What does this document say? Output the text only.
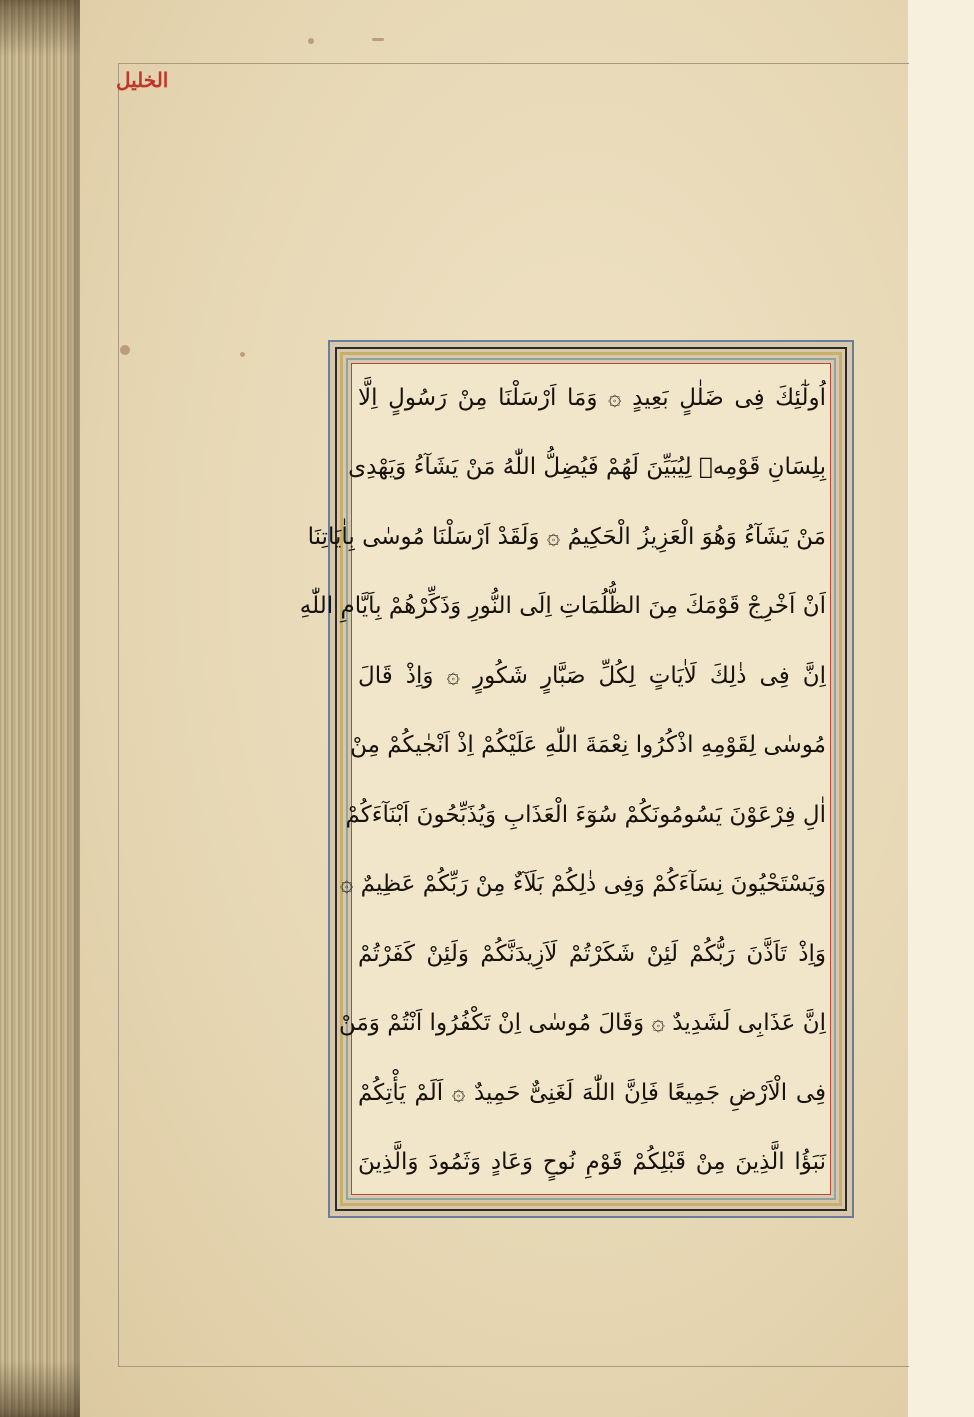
الخليل
اُولٰٓئِكَ فِى ضَلٰلٍ بَعِيدٍ ۞ وَمَا اَرْسَلْنَا مِنْ رَسُولٍ اِلَّا
بِلِسَانِ قَوْمِهٖ لِيُبَيِّنَ لَهُمْ فَيُضِلُّ اللّٰهُ مَنْ يَشَآءُ وَيَهْدِى
مَنْ يَشَآءُ وَهُوَ الْعَزِيزُ الْحَكِيمُ ۞ وَلَقَدْ اَرْسَلْنَا مُوسٰى بِاٰيَاتِنَا
اَنْ اَخْرِجْ قَوْمَكَ مِنَ الظُّلُمَاتِ اِلَى النُّورِ وَذَكِّرْهُمْ بِاَيَّامِ اللّٰهِ
اِنَّ فِى ذٰلِكَ لَاٰيَاتٍ لِكُلِّ صَبَّارٍ شَكُورٍ ۞ وَاِذْ قَالَ
مُوسٰى لِقَوْمِهِ اذْكُرُوا نِعْمَةَ اللّٰهِ عَلَيْكُمْ اِذْ اَنْجٰيكُمْ مِنْ
اٰلِ فِرْعَوْنَ يَسُومُونَكُمْ سُوٓءَ الْعَذَابِ وَيُذَبِّحُونَ اَبْنَآءَكُمْ
وَيَسْتَحْيُونَ نِسَآءَكُمْ وَفِى ذٰلِكُمْ بَلَآءٌ مِنْ رَبِّكُمْ عَظِيمٌ ۞
وَاِذْ تَاَذَّنَ رَبُّكُمْ لَئِنْ شَكَرْتُمْ لَاَزِيدَنَّكُمْ وَلَئِنْ كَفَرْتُمْ
اِنَّ عَذَابِى لَشَدِيدٌ ۞ وَقَالَ مُوسٰى اِنْ تَكْفُرُوا اَنْتُمْ وَمَنْ
فِى الْاَرْضِ جَمِيعًا فَاِنَّ اللّٰهَ لَغَنِىٌّ حَمِيدٌ ۞ اَلَمْ يَأْتِكُمْ
نَبَؤُا الَّذِينَ مِنْ قَبْلِكُمْ قَوْمِ نُوحٍ وَعَادٍ وَثَمُودَ وَالَّذِينَ
